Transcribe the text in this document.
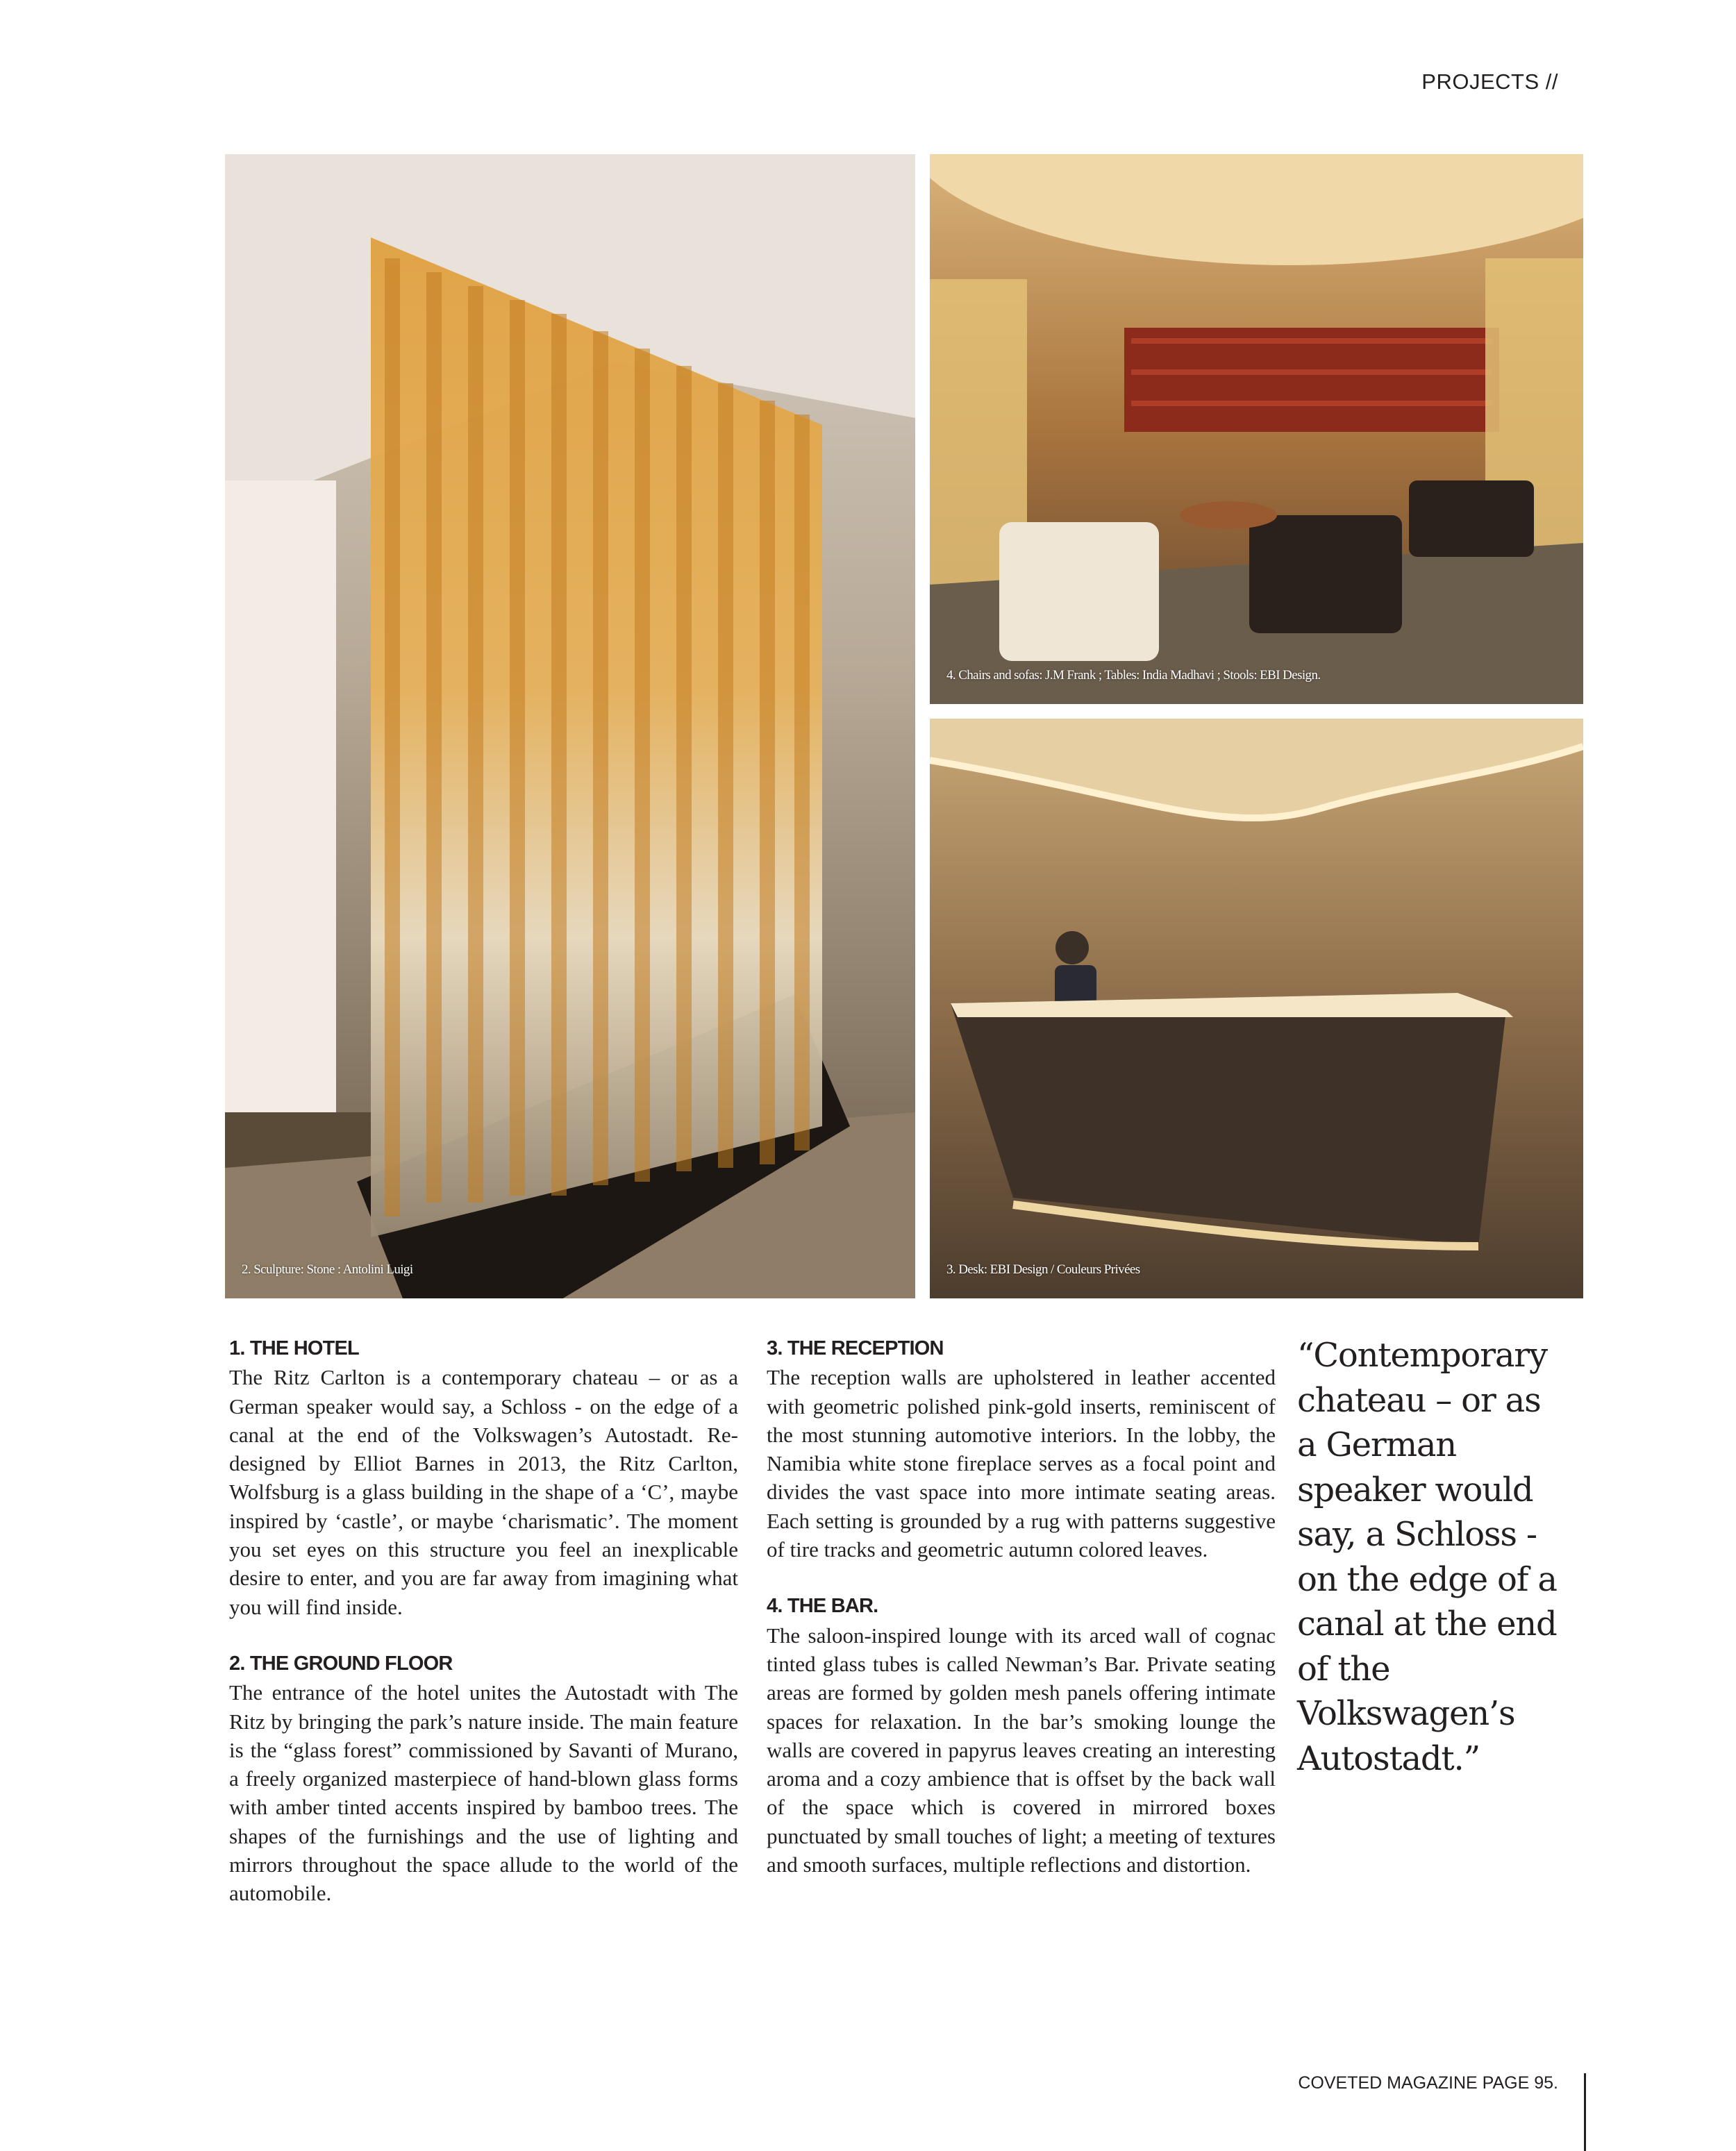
PROJECTS //
2. Sculpture: Stone : Antolini Luigi
4. Chairs and sofas: J.M Frank ; Tables: India Madhavi ; Stools: EBI Design.
3. Desk: EBI Design / Couleurs Privées
1. THE HOTEL

The Ritz Carlton is a contemporary chateau – or as a German speaker would say, a Schloss - on the edge of a canal at the end of the Volkswagen’s Autostadt. Re-designed by Elliot Barnes in 2013, the Ritz Carlton, Wolfsburg is a glass building in the shape of a ‘C’, maybe inspired by ‘castle’, or maybe ‘charismatic’. The moment you set eyes on this structure you feel an inexplicable desire to enter, and you are far away from imagining what you will find inside.

2. THE GROUND FLOOR

The entrance of the hotel unites the Autostadt with The Ritz by bringing the park’s nature inside. The main feature is the “glass forest” commissioned by Savanti of Murano, a freely organized masterpiece of hand-blown glass forms with amber tinted accents inspired by bamboo trees. The shapes of the furnishings and the use of lighting and mirrors throughout the space allude to the world of the automobile.

3. THE RECEPTION

The reception walls are upholstered in leather accented with geometric polished pink-gold inserts, reminiscent of the most stunning automotive interiors. In the lobby, the Namibia white stone fireplace serves as a focal point and divides the vast space into more intimate seating areas. Each setting is grounded by a rug with patterns suggestive of tire tracks and geometric autumn colored leaves.

4. THE BAR.

The saloon-inspired lounge with its arced wall of cognac tinted glass tubes is called Newman’s Bar. Private seating areas are formed by golden mesh panels offering intimate spaces for relaxation. In the bar’s smoking lounge the walls are covered in papyrus leaves creating an interesting aroma and a cozy ambience that is offset by the back wall of the space which is covered in mirrored boxes punctuated by small touches of light; a meeting of textures and smooth surfaces, multiple reflections and distortion.

“Contemporary chateau – or as a German speaker would say, a Schloss - on the edge of a canal at the end of the Volkswagen’s Autostadt.”

COVETED MAGAZINE PAGE 95.
